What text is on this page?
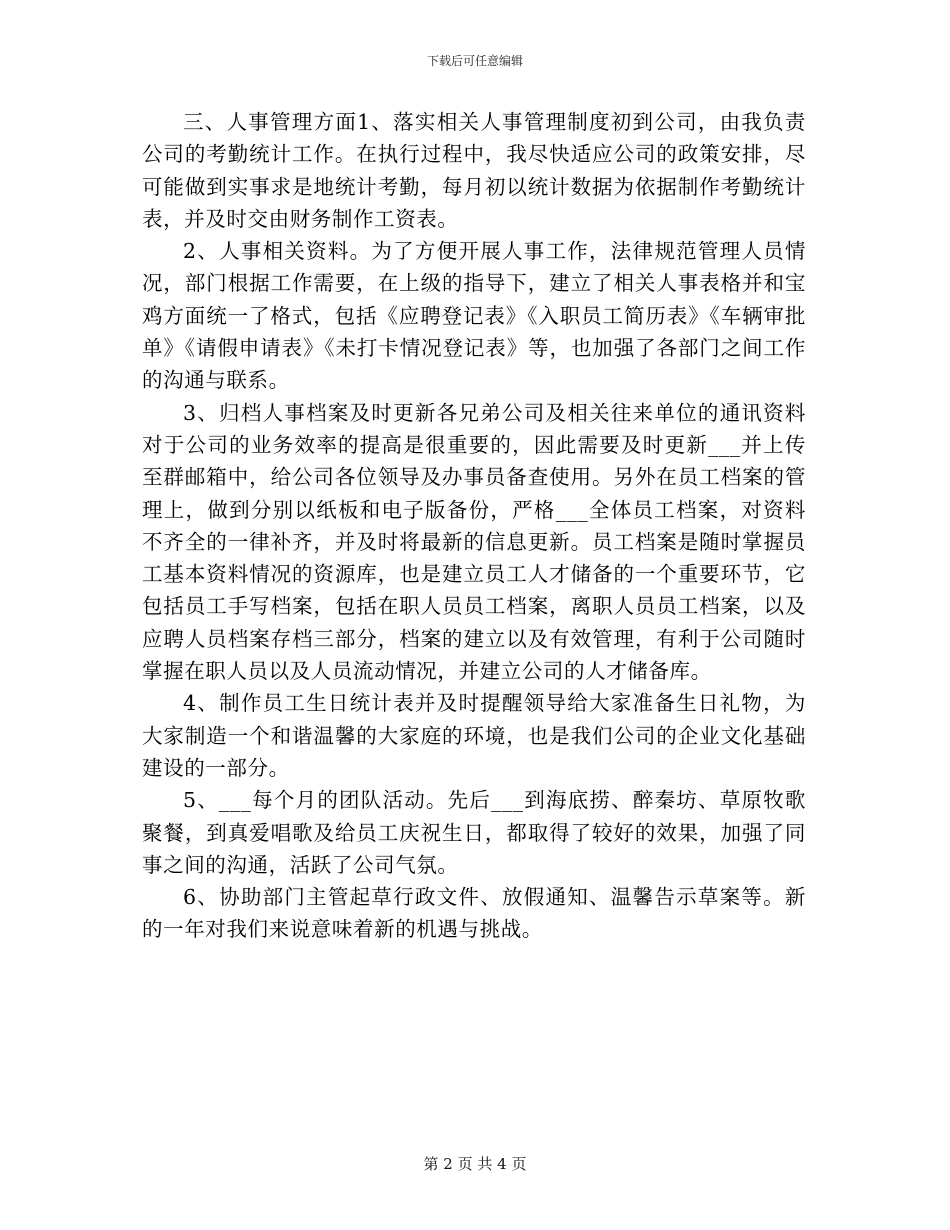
下载后可任意编辑

三、人事管理方面1、落实相关人事管理制度初到公司，由我负责公司的考勤统计工作。在执行过程中，我尽快适应公司的政策安排，尽可能做到实事求是地统计考勤，每月初以统计数据为依据制作考勤统计表，并及时交由财务制作工资表。

2、人事相关资料。为了方便开展人事工作，法律规范管理人员情况，部门根据工作需要，在上级的指导下，建立了相关人事表格并和宝鸡方面统一了格式，包括《应聘登记表》《入职员工简历表》《车辆审批单》《请假申请表》《未打卡情况登记表》等，也加强了各部门之间工作的沟通与联系。

3、归档人事档案及时更新各兄弟公司及相关往来单位的通讯资料对于公司的业务效率的提高是很重要的，因此需要及时更新___并上传至群邮箱中，给公司各位领导及办事员备查使用。另外在员工档案的管理上，做到分别以纸板和电子版备份，严格___全体员工档案，对资料不齐全的一律补齐，并及时将最新的信息更新。员工档案是随时掌握员工基本资料情况的资源库，也是建立员工人才储备的一个重要环节，它包括员工手写档案，包括在职人员员工档案，离职人员员工档案，以及应聘人员档案存档三部分，档案的建立以及有效管理，有利于公司随时掌握在职人员以及人员流动情况，并建立公司的人才储备库。

4、制作员工生日统计表并及时提醒领导给大家准备生日礼物，为大家制造一个和谐温馨的大家庭的环境，也是我们公司的企业文化基础建设的一部分。

5、___每个月的团队活动。先后___到海底捞、醉秦坊、草原牧歌聚餐，到真爱唱歌及给员工庆祝生日，都取得了较好的效果，加强了同事之间的沟通，活跃了公司气氛。

6、协助部门主管起草行政文件、放假通知、温馨告示草案等。新的一年对我们来说意味着新的机遇与挑战。

第 2 页 共 4 页
